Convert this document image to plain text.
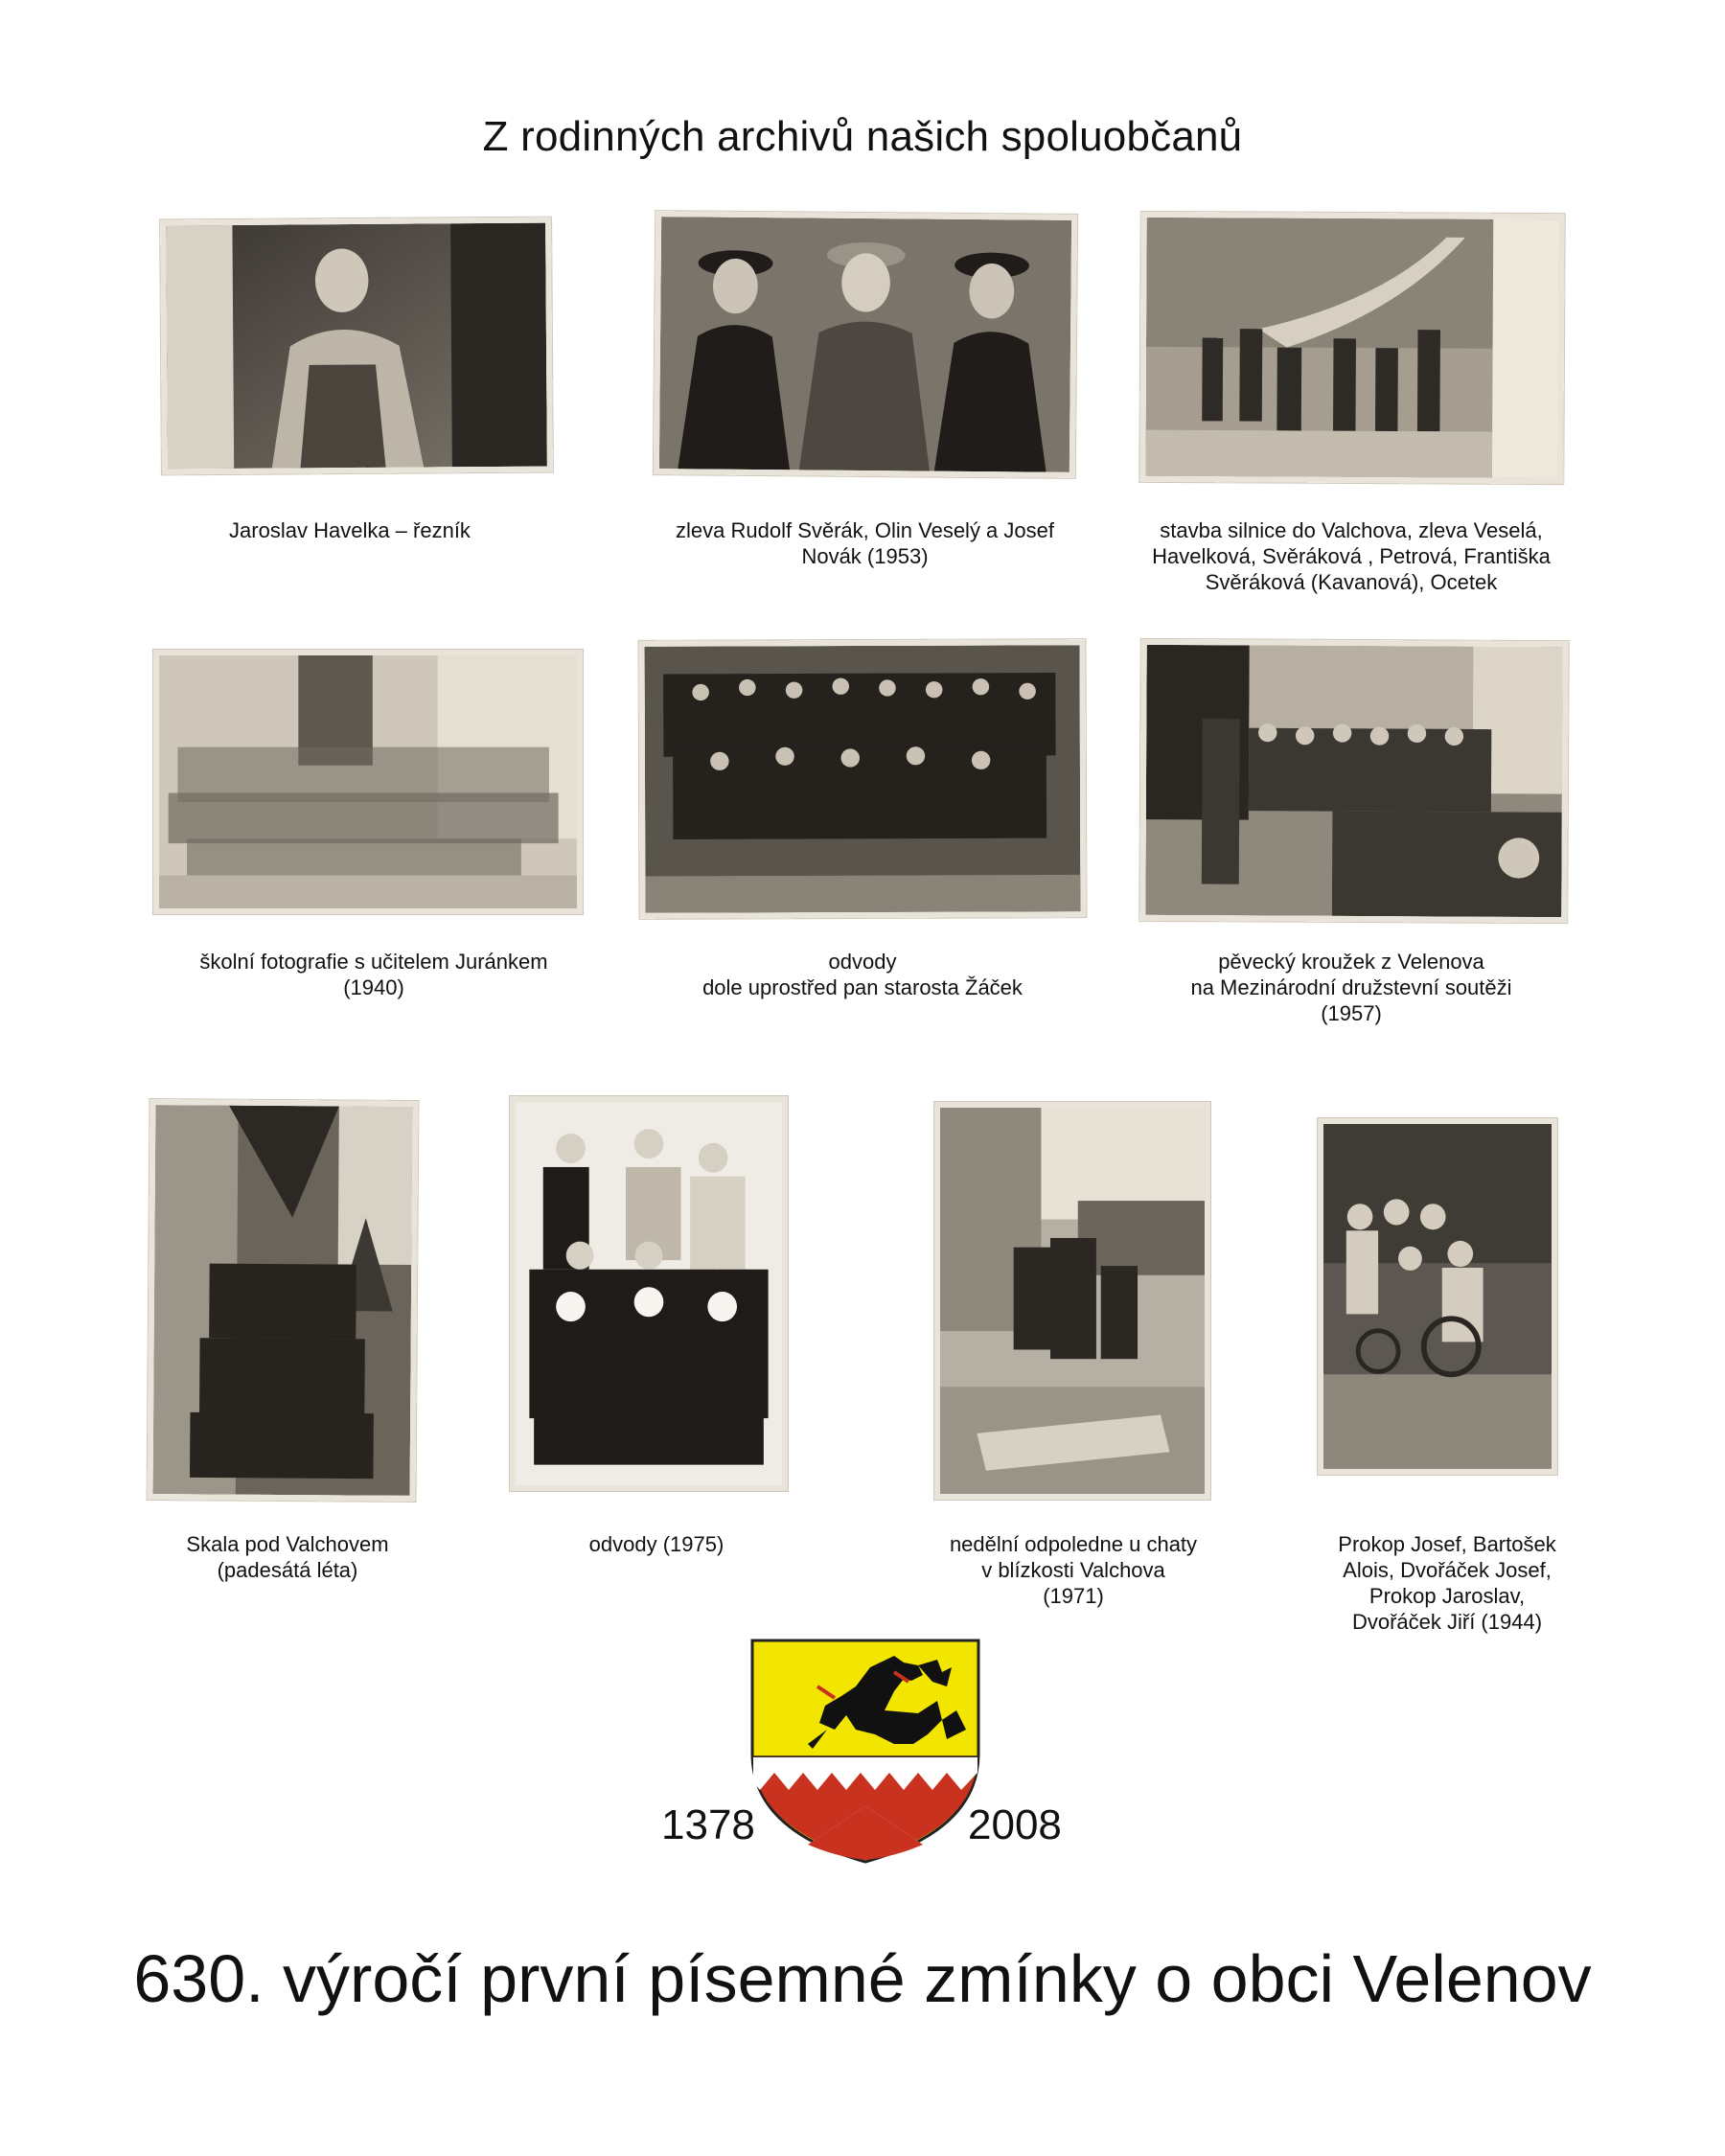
Z rodinných archivů našich spoluobčanů
Jaroslav Havelka – řezník	zleva Rudolf Svěrák, Olin Veselý a Josef
Novák (1953)
stavba silnice do Valchova, zleva Veselá,
Havelková, Svěráková , Petrová, Františka
Svěráková (Kavanová), Ocetek
školní fotografie s učitelem Juránkem
(1940)
odvody
dole uprostřed pan starosta Žáček
pěvecký kroužek z Velenova
na Mezinárodní družstevní soutěži
(1957)
Skala pod Valchovem
(padesátá léta)
odvody (1975)	nedělní odpoledne u chaty
v blízkosti Valchova
(1971)
Prokop Josef, Bartošek
Alois, Dvořáček Josef,
Prokop Jaroslav,
Dvořáček Jiří (1944)
1378	2008
630. výročí první písemné zmínky o obci Velenov
